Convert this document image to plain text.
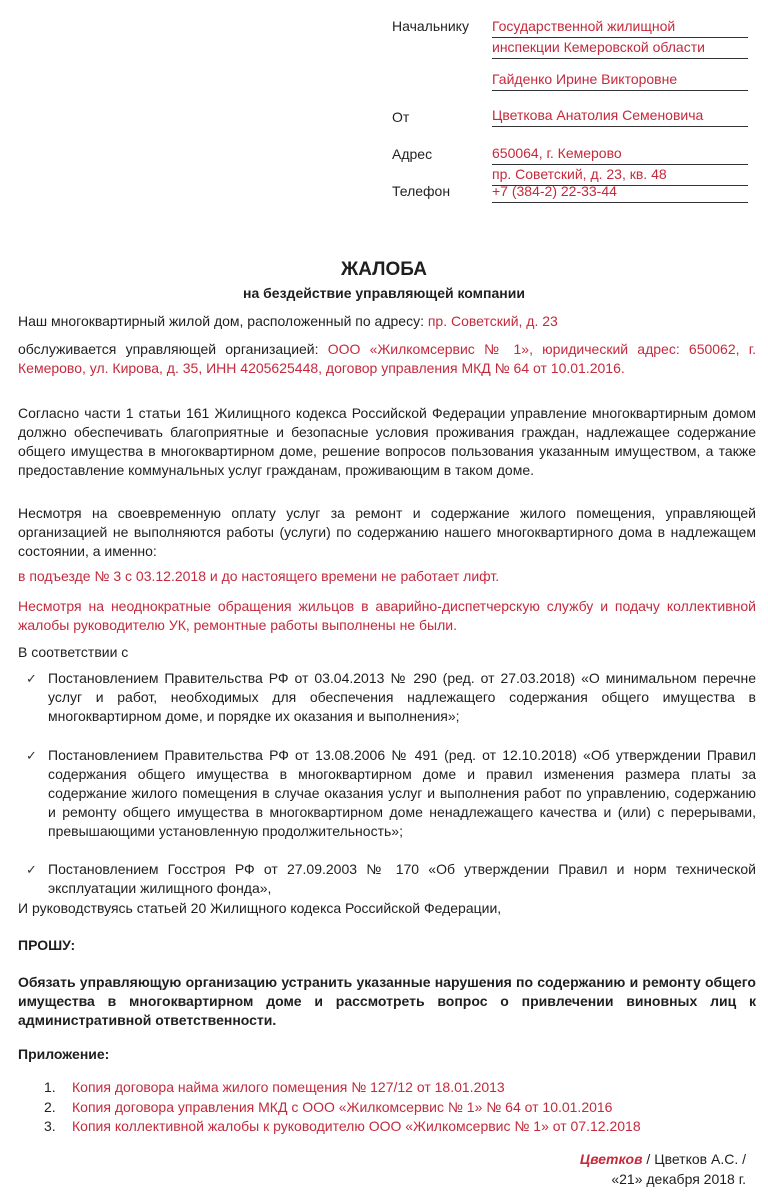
Начальнику Государственной жилищной
инспекции Кемеровской области
Гайденко Ирине Викторовне
От	Цветкова Анатолия Семеновича
Адрес	650064, г. Кемерово
пр. Советский, д. 23, кв. 48
Телефон	+7 (384-2) 22-33-44
ЖАЛОБА
на бездействие управляющей компании
Наш многоквартирный жилой дом, расположенный по адресу: пр. Советский, д. 23
обслуживается управляющей организацией: ООО «Жилкомсервис № 1», юридический адрес: 650062, г. Кемерово, ул. Кирова, д. 35, ИНН 4205625448, договор управления МКД № 64 от 10.01.2016.
Согласно части 1 статьи 161 Жилищного кодекса Российской Федерации управление многоквартирным домом должно обеспечивать благоприятные и безопасные условия проживания граждан, надлежащее содержание общего имущества в многоквартирном доме, решение вопросов пользования указанным имуществом, а также предоставление коммунальных услуг гражданам, проживающим в таком доме.
Несмотря на своевременную оплату услуг за ремонт и содержание жилого помещения, управляющей организацией не выполняются работы (услуги) по содержанию нашего многоквартирного дома в надлежащем состоянии, а именно:
в подъезде № 3 с 03.12.2018 и до настоящего времени не работает лифт.
Несмотря на неоднократные обращения жильцов в аварийно-диспетчерскую службу и подачу коллективной жалобы руководителю УК, ремонтные работы выполнены не были.
В соответствии с
✓ Постановлением Правительства РФ от 03.04.2013 № 290 (ред. от 27.03.2018) «О минимальном перечне услуг и работ, необходимых для обеспечения надлежащего содержания общего имущества в многоквартирном доме, и порядке их оказания и выполнения»;
✓ Постановлением Правительства РФ от 13.08.2006 № 491 (ред. от 12.10.2018) «Об утверждении Правил содержания общего имущества в многоквартирном доме и правил изменения размера платы за содержание жилого помещения в случае оказания услуг и выполнения работ по управлению, содержанию и ремонту общего имущества в многоквартирном доме ненадлежащего качества и (или) с перерывами, превышающими установленную продолжительность»;
✓ Постановлением Госстроя РФ от 27.09.2003 № 170 «Об утверждении Правил и норм технической эксплуатации жилищного фонда»,
И руководствуясь статьей 20 Жилищного кодекса Российской Федерации,
ПРОШУ:
Обязать управляющую организацию устранить указанные нарушения по содержанию и ремонту общего имущества в многоквартирном доме и рассмотреть вопрос о привлечении виновных лиц к административной ответственности.
Приложение:
1. Копия договора найма жилого помещения № 127/12 от 18.01.2013
2. Копия договора управления МКД с ООО «Жилкомсервис № 1» № 64 от 10.01.2016
3. Копия коллективной жалобы к руководителю ООО «Жилкомсервис № 1» от 07.12.2018
Цветков / Цветков А.С. /
«21» декабря 2018 г.
